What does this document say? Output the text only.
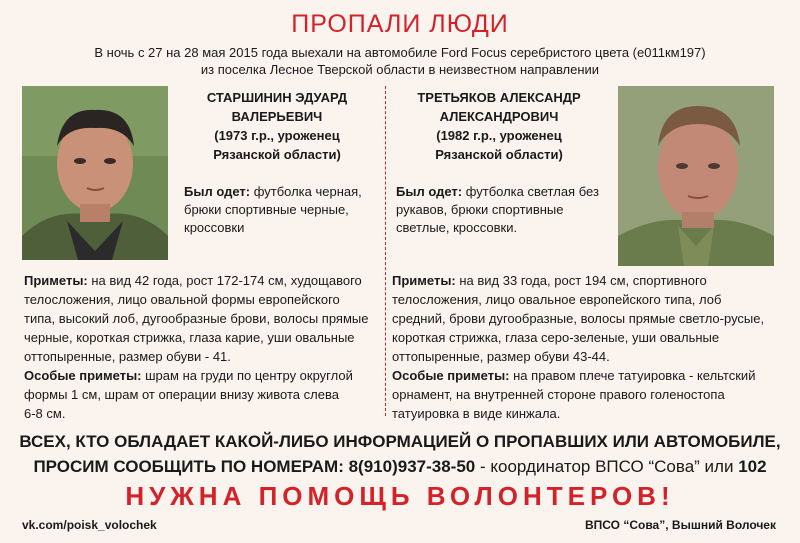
ПРОПАЛИ ЛЮДИ
В ночь с 27 на 28 мая 2015 года выехали на автомобиле Ford Focus серебристого цвета (е011км197)
из поселка Лесное Тверской области в неизвестном направлении
СТАРШИНИН ЭДУАРД
ВАЛЕРЬЕВИЧ
(1973 г.р., уроженец
Рязанской области)
Был одет: футболка черная,
брюки спортивные черные,
кроссовки
Приметы: на вид 42 года, рост 172-174 см, худощавого
телосложения, лицо овальной формы европейского
типа, высокий лоб, дугообразные брови, волосы прямые
черные, короткая стрижка, глаза карие, уши овальные
оттопыренные, размер обуви - 41.
Особые приметы: шрам на груди по центру округлой
формы 1 см, шрам от операции внизу живота слева
6-8 см.
ТРЕТЬЯКОВ АЛЕКСАНДР
АЛЕКСАНДРОВИЧ
(1982 г.р., уроженец
Рязанской области)
Был одет: футболка светлая без
рукавов, брюки спортивные
светлые, кроссовки.
Приметы: на вид 33 года, рост 194 см, спортивного
телосложения, лицо овальное европейского типа, лоб
средний, брови дугообразные, волосы прямые светло-русые,
короткая стрижка, глаза серо-зеленые, уши овальные
оттопыренные, размер обуви 43-44.
Особые приметы: на правом плече татуировка - кельтский
орнамент, на внутренней стороне правого голеностопа
татуировка в виде кинжала.
ВСЕХ, КТО ОБЛАДАЕТ КАКОЙ-ЛИБО ИНФОРМАЦИЕЙ О ПРОПАВШИХ ИЛИ АВТОМОБИЛЕ,
ПРОСИМ СООБЩИТЬ ПО НОМЕРАМ: 8(910)937-38-50 - координатор ВПСО “Сова” или 102
НУЖНА ПОМОЩЬ ВОЛОНТЕРОВ!
vk.com/poisk_volochek	ВПСО “Сова”, Вышний Волочек
